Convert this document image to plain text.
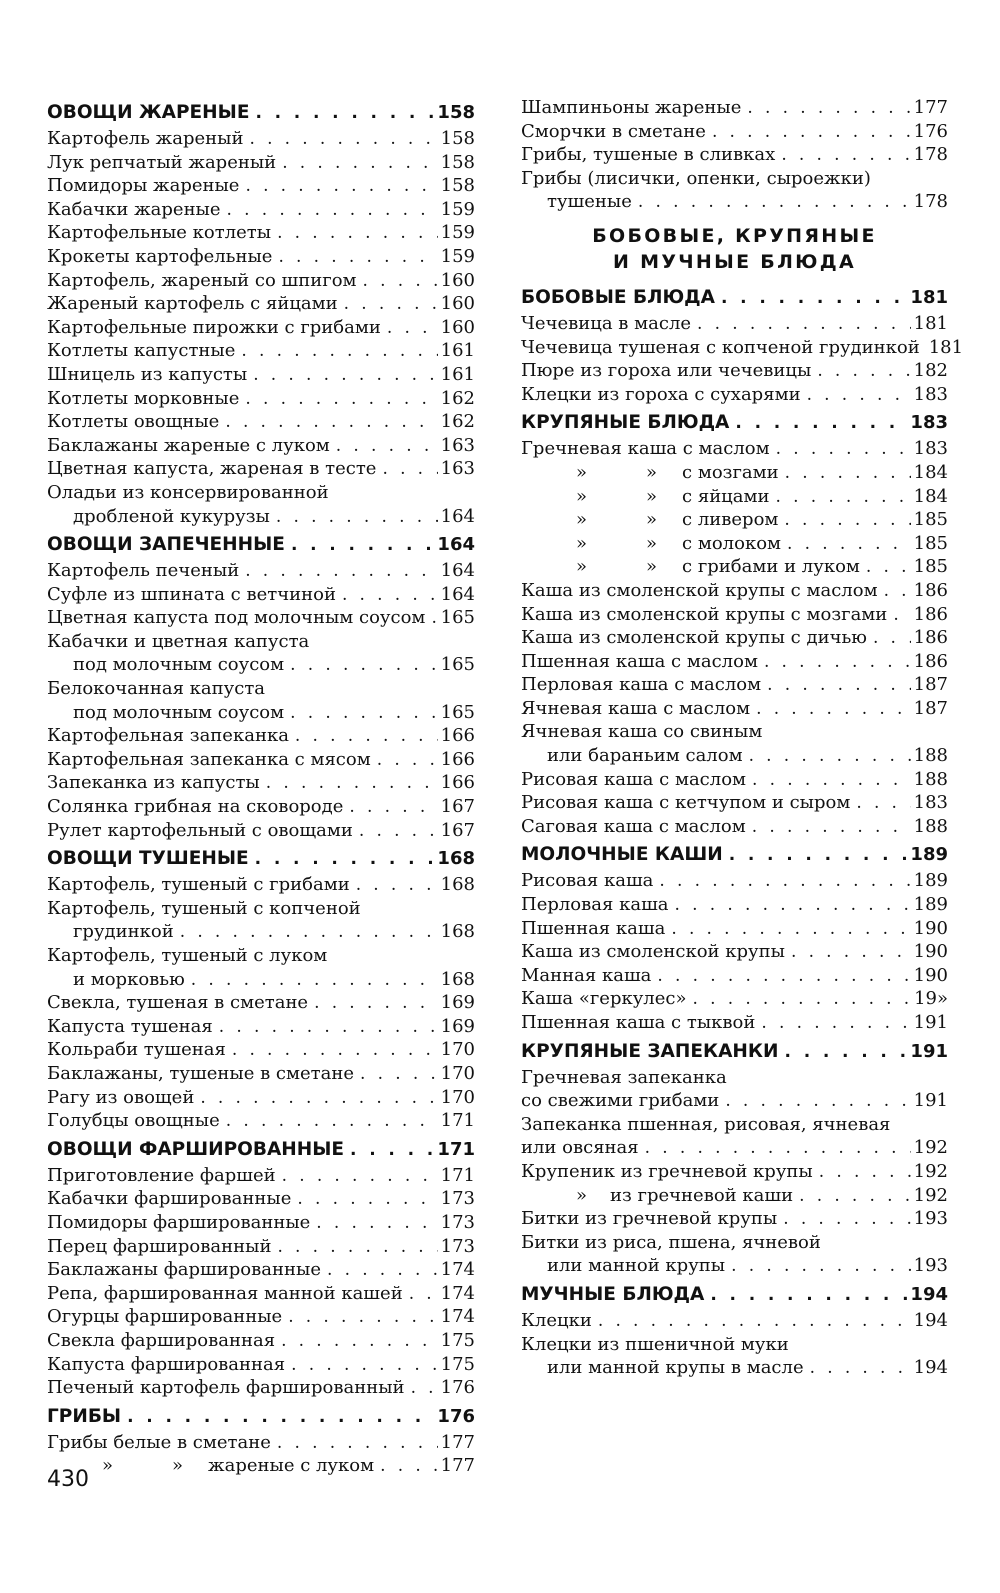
ОВОЩИ ЖАРЕНЫЕ . . .	158
Картофель жареный . . .	158
Лук репчатый жареный . . .	158
Помидоры жареные . . .	158
Кабачки жареные . . .	159
Картофельные котлеты . . .	159
Крокеты картофельные . . .	159
Картофель, жареный со шпигом . . .	160
Жареный картофель с яйцами . . .	160
Картофельные пирожки с грибами . . .	160
Котлеты капустные . . .	161
Шницель из капусты . . .	161
Котлеты морковные . . .	162
Котлеты овощные . . .	162
Баклажаны жареные с луком . . .	163
Цветная капуста, жареная в тесте . . .	163
Оладьи из консервированной
дробленой кукурузы . . .	164
ОВОЩИ ЗАПЕЧЕННЫЕ . . .	164
Картофель печеный . . .	164
Суфле из шпината с ветчиной . . .	164
Цветная капуста под молочным соусом . . . 165
Кабачки и цветная капуста
под молочным соусом . . .	165
Белокочанная капуста
под молочным соусом . . .	165
Картофельная запеканка . . .	166
Картофельная запеканка с мясом . . .	166
Запеканка из капусты . . .	166
Солянка грибная на сковороде . . .	167
Рулет картофельный с овощами . . .	167
ОВОЩИ ТУШЕНЫЕ . . .	168
Картофель, тушеный с грибами . . .	168
Картофель, тушеный с копченой
грудинкой . . .	168
Картофель, тушеный с луком
и морковью . . .	168
Свекла, тушеная в сметане . . .	169
Капуста тушеная . . .	169
Кольраби тушеная . . .	170
Баклажаны, тушеные в сметане . . .	170
Рагу из овощей . . .	170
Голубцы овощные . . .	171
ОВОЩИ ФАРШИРОВАННЫЕ . . .	171
Приготовление фаршей . . .	171
Кабачки фаршированные . . .	173
Помидоры фаршированные . . .	173
Перец фаршированный . . .	173
Баклажаны фаршированные . . .	174
Репа, фаршированная манной кашей . . . 174
Огурцы фаршированные . . .	174
Свекла фаршированная . . .	175
Капуста фаршированная . . .	175
Печеный картофель фаршированный . . . 176
ГРИБЫ . . .	176
Грибы белые в сметане . . .	177
»	» жареные с луком . . .	177
Шампиньоны жареные . . .	177
Сморчки в сметане . . .	176
Грибы, тушеные в сливках . . .	178
Грибы (лисички, опенки, сыроежки)
тушеные . . .	178
БОБОВЫЕ, КРУПЯНЫЕ
И МУЧНЫЕ БЛЮДА
БОБОВЫЕ БЛЮДА . . .	181
Чечевица в масле . . .	181
Чечевица тушеная с копченой грудинкой 181
Пюре из гороха или чечевицы . . .	182
Клецки из гороха с сухарями . . .	183
КРУПЯНЫЕ БЛЮДА . . .	183
Гречневая каша с маслом . . .	183
»	» с мозгами . . .	184
»	» с яйцами . . .	184
»	» с ливером . . .	185
»	» с молоком . . .	185
»	» с грибами и луком . . .	185
Каша из смоленской крупы с маслом . . . 186
Каша из смоленской крупы с мозгами . . . 186
Каша из смоленской крупы с дичью . . .	186
Пшенная каша с маслом . . .	186
Перловая каша с маслом . . .	187
Ячневая каша с маслом . . .	187
Ячневая каша со свиным
или бараньим салом . . .	188
Рисовая каша с маслом . . .	188
Рисовая каша с кетчупом и сыром . . .	183
Саговая каша с маслом . . .	188
МОЛОЧНЫЕ КАШИ . . .	189
Рисовая каша . . .	189
Перловая каша . . .	189
Пшенная каша . . .	190
Каша из смоленской крупы . . .	190
Манная каша . . .	190
Каша «геркулес» . . .	19»
Пшенная каша с тыквой . . .	191
КРУПЯНЫЕ ЗАПЕКАНКИ . . .	191
Гречневая запеканка
со свежими грибами . . .	191
Запеканка пшенная, рисовая, ячневая
или овсяная . . .	192
Крупеник из гречневой крупы . . .	192
» из гречневой каши . . .	192
Битки из гречневой крупы . . .	193
Битки из риса, пшена, ячневой
или манной крупы . . .	193
МУЧНЫЕ БЛЮДА . . .	194
Клецки . . .	194
Клецки из пшеничной муки
или манной крупы в масле . . .	194
430
